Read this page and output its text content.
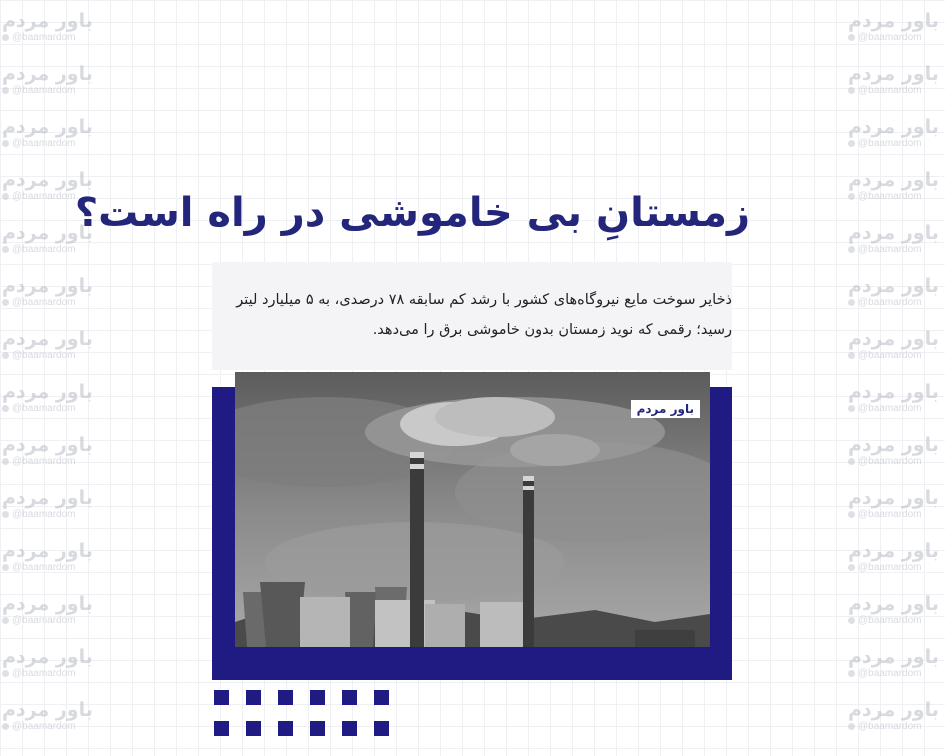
باور مردم
@baamardom
باور مردم
@baamardom
باور مردم
@baamardom
باور مردم
@baamardom
باور مردم
@baamardom
باور مردم
@baamardom
باور مردم
@baamardom
باور مردم
@baamardom
باور مردم
@baamardom
باور مردم
@baamardom
باور مردم
@baamardom
باور مردم
@baamardom
باور مردم
@baamardom
باور مردم
@baamardom
باور مردم
@baamardom
باور مردم
@baamardom
باور مردم
@baamardom
باور مردم
@baamardom
باور مردم
@baamardom
باور مردم
@baamardom
باور مردم
@baamardom
باور مردم
@baamardom
باور مردم
@baamardom
باور مردم
@baamardom
باور مردم
@baamardom
باور مردم
@baamardom
باور مردم
@baamardom
باور مردم
@baamardom
زمستانِ بی خاموشی در راه است؟

ذخایر سوخت مایع نیروگاه‌های کشور با رشد کم سابقه ۷۸ درصدی، به ۵ میلیارد لیتر رسید؛ رقمی که نوید زمستان بدون خاموشی برق را می‌دهد.

باور مردم
